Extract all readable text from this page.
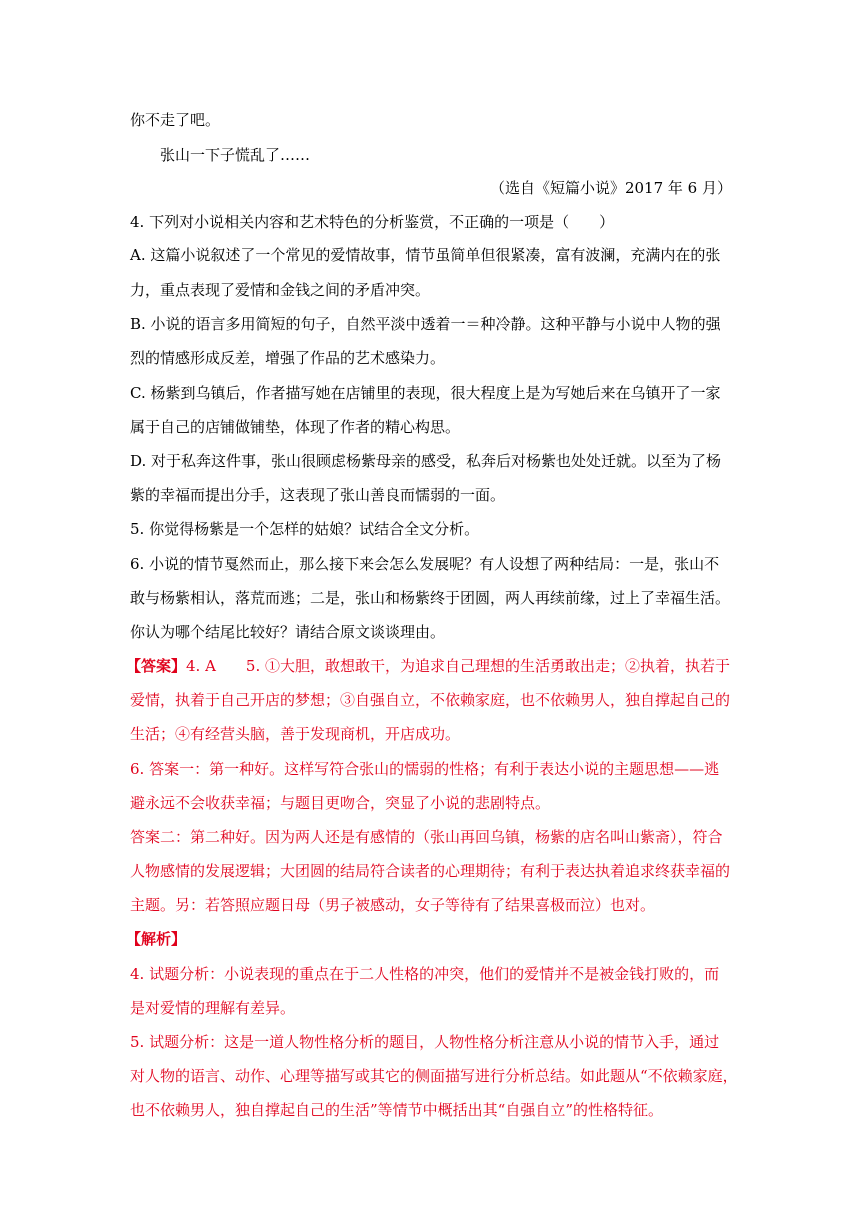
你不走了吧。
张山一下子慌乱了……
（选自《短篇小说》2017 年 6 月）
4. 下列对小说相关内容和艺术特色的分析鉴赏，不正确的一项是（　　）
A. 这篇小说叙述了一个常见的爱情故事，情节虽简单但很紧凑，富有波澜，充满内在的张
力，重点表现了爱情和金钱之间的矛盾冲突。
B. 小说的语言多用简短的句子，自然平淡中透着一＝种冷静。这种平静与小说中人物的强
烈的情感形成反差，增强了作品的艺术感染力。
C. 杨紫到乌镇后，作者描写她在店铺里的表现，很大程度上是为写她后来在乌镇开了一家
属于自己的店铺做铺垫，体现了作者的精心构思。
D. 对于私奔这件事，张山很顾虑杨紫母亲的感受，私奔后对杨紫也处处迁就。以至为了杨
紫的幸福而提出分手，这表现了张山善良而懦弱的一面。
5. 你觉得杨紫是一个怎样的姑娘？试结合全文分析。
6. 小说的情节戛然而止，那么接下来会怎么发展呢？有人设想了两种结局：一是，张山不
敢与杨紫相认，落荒而逃；二是，张山和杨紫终于团圆，两人再续前缘，过上了幸福生活。
你认为哪个结尾比较好？请结合原文谈谈理由。
【答案】4. A　　5. ①大胆，敢想敢干，为追求自己理想的生活勇敢出走；②执着，执若于
爱情，执着于自己开店的梦想；③自强自立，不依赖家庭，也不依赖男人，独自撑起自己的
生活；④有经营头脑，善于发现商机，开店成功。
6. 答案一：第一种好。这样写符合张山的懦弱的性格；有利于表达小说的主题思想——逃
避永远不会收获幸福；与题目更吻合，突显了小说的悲剧特点。
答案二：第二种好。因为两人还是有感情的（张山再回乌镇，杨紫的店名叫山紫斋），符合
人物感情的发展逻辑；大团圆的结局符合读者的心理期待；有利于表达执着追求终获幸福的
主题。另：若答照应题日母（男子被感动，女子等待有了结果喜极而泣）也对。
【解析】
4. 试题分析：小说表现的重点在于二人性格的冲突，他们的爱情并不是被金钱打败的，而
是对爱情的理解有差异。
5. 试题分析：这是一道人物性格分析的题目，人物性格分析注意从小说的情节入手，通过
对人物的语言、动作、心理等描写或其它的侧面描写进行分析总结。如此题从“不依赖家庭，
也不依赖男人，独自撑起自己的生活”等情节中概括出其“自强自立”的性格特征。
